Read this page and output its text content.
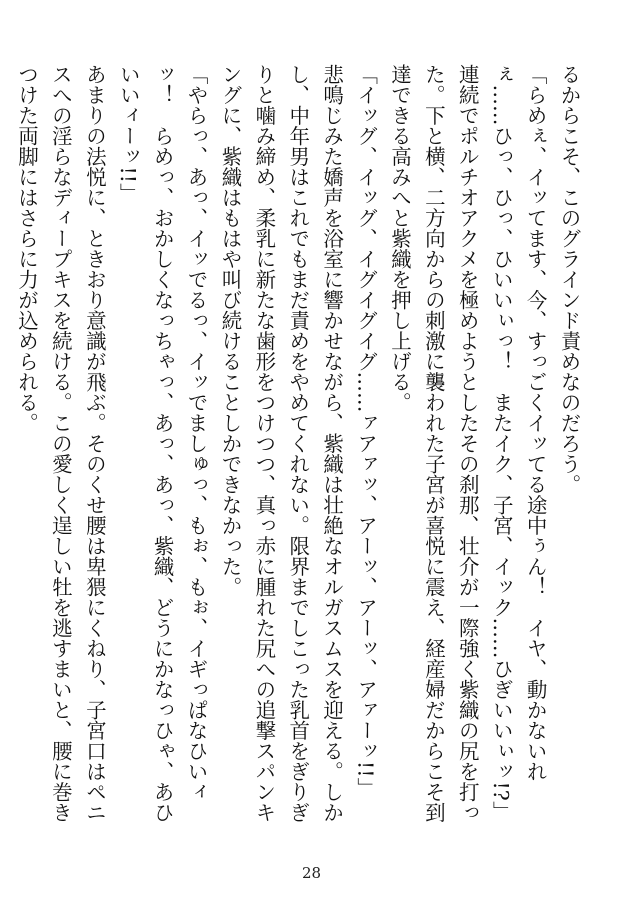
るからこそ、このグラインド責めなのだろう。

「らめぇ、イッてます、今、すっごくイッてる途中ぅん！　イヤ、動かないれぇ……ひっ、ひっ、ひいいぃっ！　またイク、子宮、イック……ひぎいいぃッ!?」

連続でポルチオアクメを極めようとしたその刹那、壮介が一際強く紫織の尻を打った。下と横、二方向からの刺激に襲われた子宮が喜悦に震え、経産婦だからこそ到達できる高みへと紫織を押し上げる。

「イッグ、イッグ、イグイグイグ……ァアァッ、アーッ、アーッ、アァーッ!!」

悲鳴じみた嬌声を浴室に響かせながら、紫織は壮絶なオルガスムスを迎える。しかし、中年男はこれでもまだ責めをやめてくれない。限界までしこった乳首をぎりぎりと噛み締め、柔乳に新たな歯形をつけつつ、真っ赤に腫れた尻への追撃スパンキングに、紫織はもはや叫び続けることしかできなかった。

「やらっ、あっ、イッでるっ、イッでましゅっ、もぉ、もぉ、イギっぱなひいィッ！　らめっ、おかしくなっちゃっ、あっ、あっ、紫織、どうにかなっひゃ、あひいいィーッ!!」

あまりの法悦に、ときおり意識が飛ぶ。そのくせ腰は卑猥にくねり、子宮口はペニスへの淫らなディープキスを続ける。この愛しく逞しい牡を逃すまいと、腰に巻きつけた両脚にはさらに力が込められる。

28
